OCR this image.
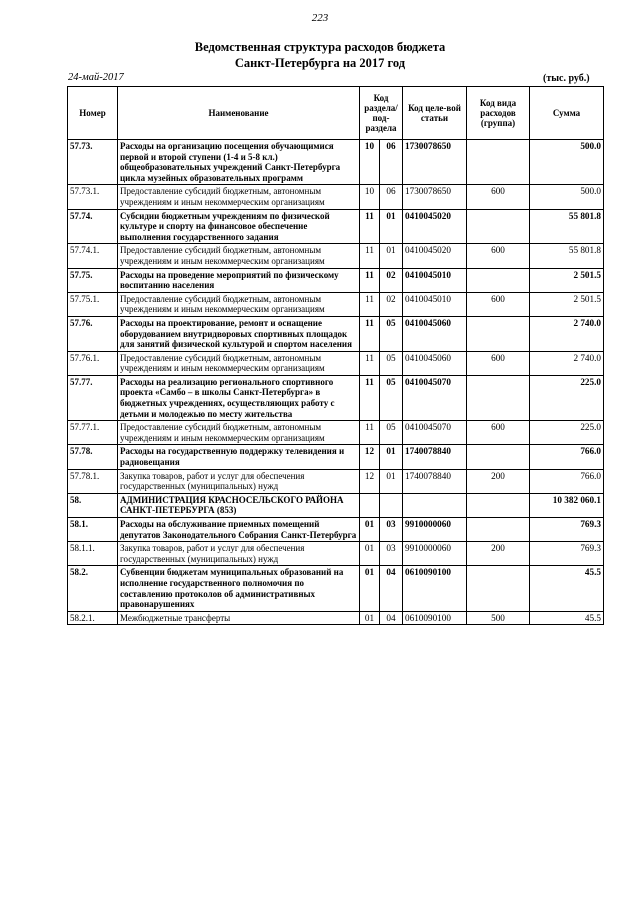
223
Ведомственная структура расходов бюджета
Санкт-Петербурга на 2017 год
24-май-2017	(тыс. руб.)
Номер	Наименование	Код раздела/ под-раздела		Код целе-вой статьи	Код вида расходов (группа)	Сумма
57.73.	Расходы на организацию посещения обучающимися первой и второй ступени (1-4 и 5-8 кл.) общеобразовательных учреждений Санкт-Петербурга цикла музейных образовательных программ	10	06	1730078650		500.0
57.73.1.	Предоставление субсидий бюджетным, автономным учреждениям и иным некоммерческим организациям	10	06	1730078650	600	500.0
57.74.	Субсидии бюджетным учреждениям по физической культуре и спорту на финансовое обеспечение выполнения государственного задания	11	01	0410045020		55 801.8
57.74.1.	Предоставление субсидий бюджетным, автономным учреждениям и иным некоммерческим организациям	11	01	0410045020	600	55 801.8
57.75.	Расходы на проведение мероприятий по физическому воспитанию населения	11	02	0410045010		2 501.5
57.75.1.	Предоставление субсидий бюджетным, автономным учреждениям и иным некоммерческим организациям	11	02	0410045010	600	2 501.5
57.76.	Расходы на проектирование, ремонт и оснащение оборудованием внутридворовых спортивных площадок для занятий физической культурой и спортом населения	11	05	0410045060		2 740.0
57.76.1.	Предоставление субсидий бюджетным, автономным учреждениям и иным некоммерческим организациям	11	05	0410045060	600	2 740.0
57.77.	Расходы на реализацию регионального спортивного проекта «Самбо – в школы Санкт-Петербурга» в бюджетных учреждениях, осуществляющих работу с детьми и молодежью по месту жительства	11	05	0410045070		225.0
57.77.1.	Предоставление субсидий бюджетным, автономным учреждениям и иным некоммерческим организациям	11	05	0410045070	600	225.0
57.78.	Расходы на государственную поддержку телевидения и радиовещания	12	01	1740078840		766.0
57.78.1.	Закупка товаров, работ и услуг для обеспечения государственных (муниципальных) нужд	12	01	1740078840	200	766.0
58.	АДМИНИСТРАЦИЯ КРАСНОСЕЛЬСКОГО РАЙОНА САНКТ-ПЕТЕРБУРГА (853)					10 382 060.1
58.1.	Расходы на обслуживание приемных помещений депутатов Законодательного Собрания Санкт-Петербурга	01	03	9910000060		769.3
58.1.1.	Закупка товаров, работ и услуг для обеспечения государственных (муниципальных) нужд	01	03	9910000060	200	769.3
58.2.	Субвенции бюджетам муниципальных образований на исполнение государственного полномочия по составлению протоколов об административных правонарушениях	01	04	0610090100		45.5
58.2.1.	Межбюджетные трансферты	01	04	0610090100	500	45.5
